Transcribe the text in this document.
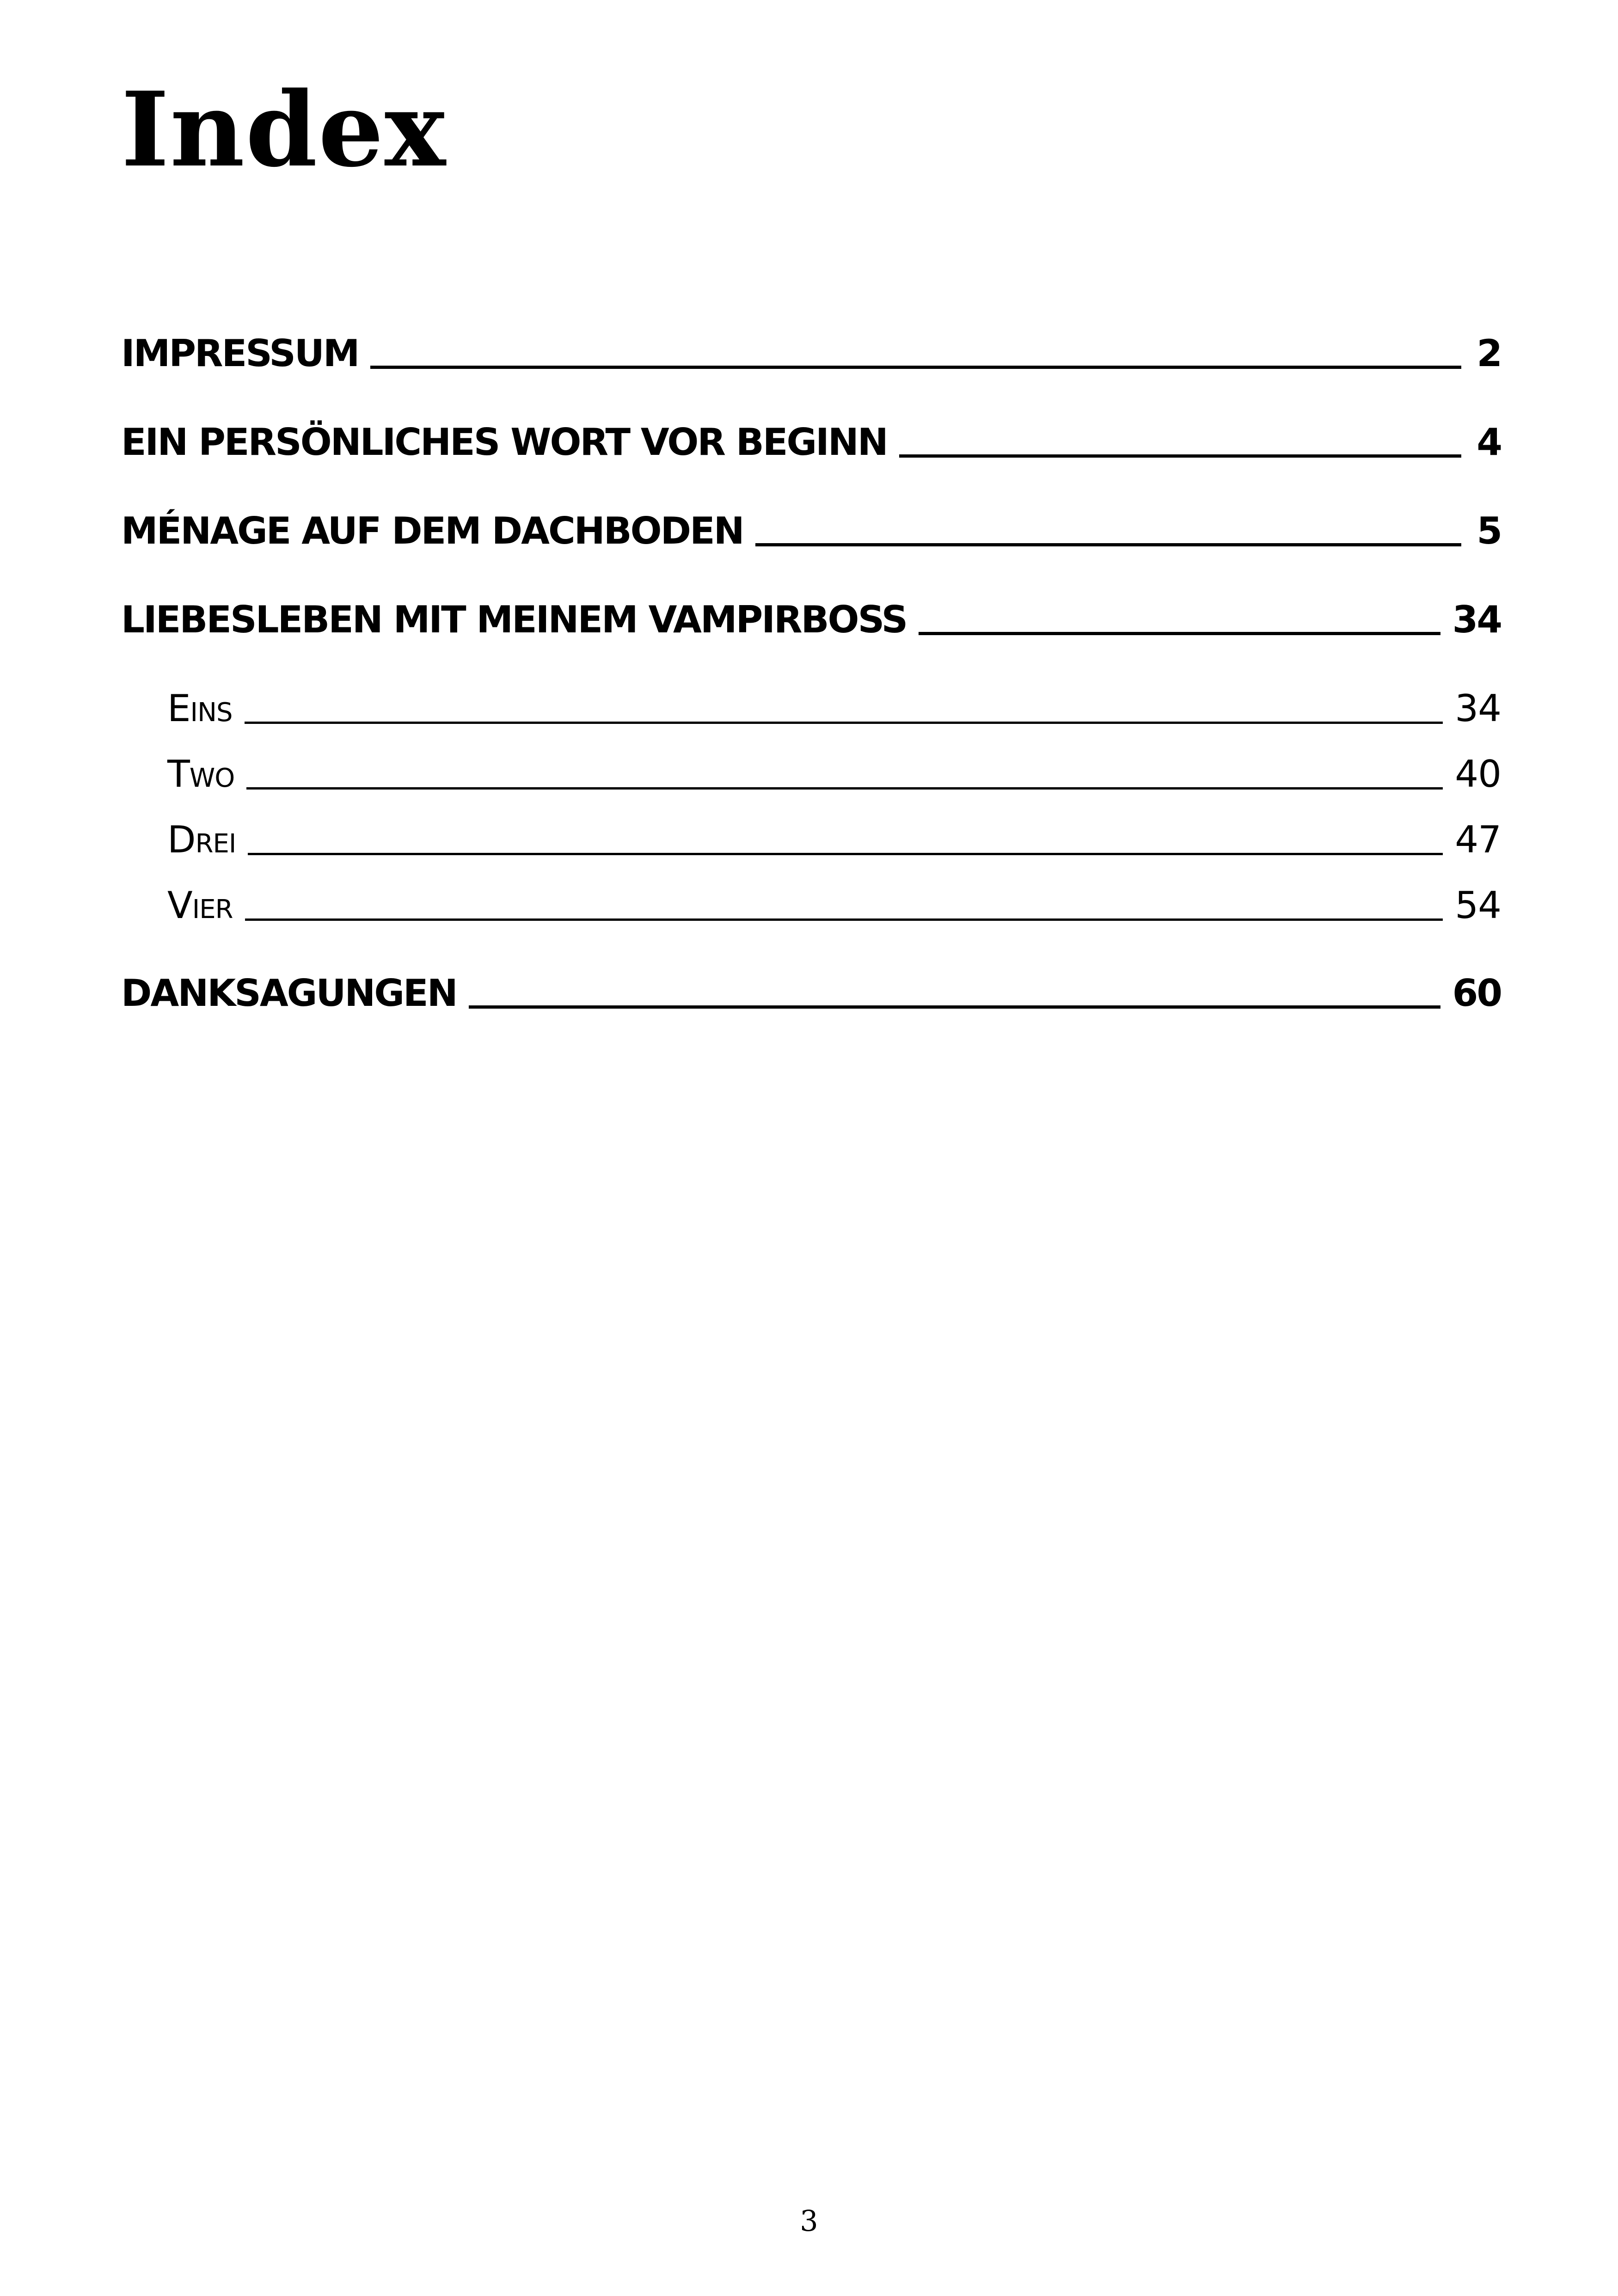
Index
IMPRESSUM	2
EIN PERSÖNLICHES WORT VOR BEGINN	4
MÉNAGE AUF DEM DACHBODEN	5
LIEBESLEBEN MIT MEINEM VAMPIRBOSS	34
Eins	34
Two	40
Drei	47
Vier	54
DANKSAGUNGEN	60
3
